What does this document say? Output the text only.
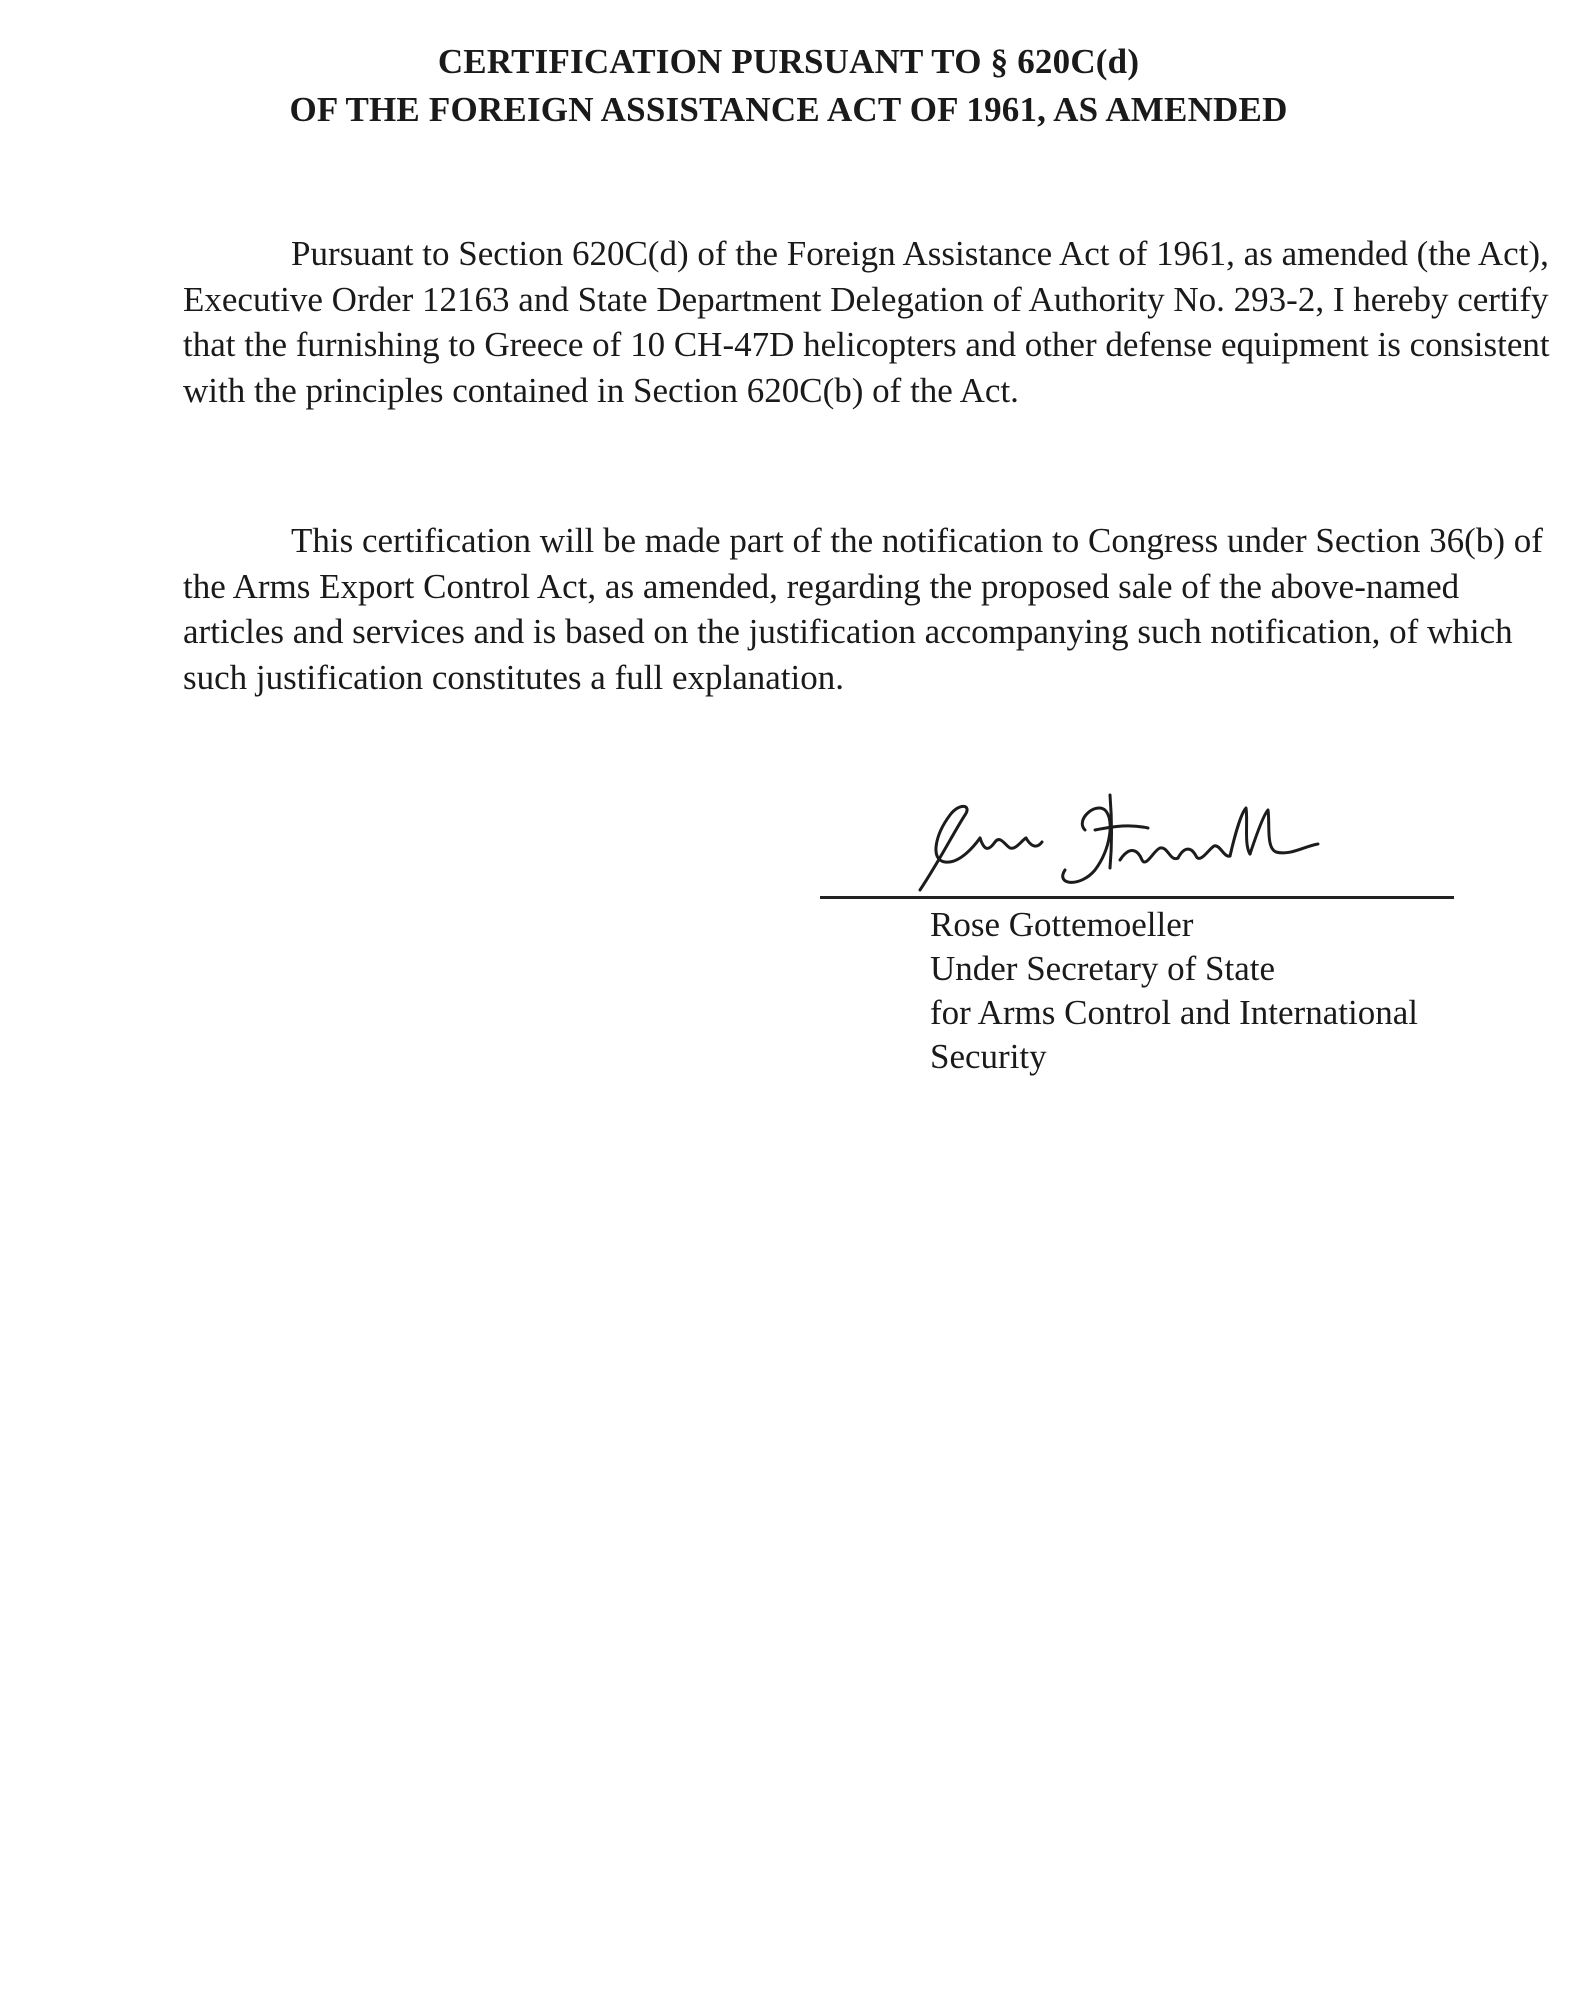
CERTIFICATION PURSUANT TO § 620C(d)
OF THE FOREIGN ASSISTANCE ACT OF 1961, AS AMENDED

Pursuant to Section 620C(d) of the Foreign Assistance Act of 1961, as amended (the Act), Executive Order 12163 and State Department Delegation of Authority No. 293-2, I hereby certify that the furnishing to Greece of 10 CH-47D helicopters and other defense equipment is consistent with the principles contained in Section 620C(b) of the Act.

This certification will be made part of the notification to Congress under Section 36(b) of the Arms Export Control Act, as amended, regarding the proposed sale of the above-named articles and services and is based on the justification accompanying such notification, of which such justification constitutes a full explanation.

Rose Gottemoeller
Under Secretary of State
for Arms Control and International
Security
